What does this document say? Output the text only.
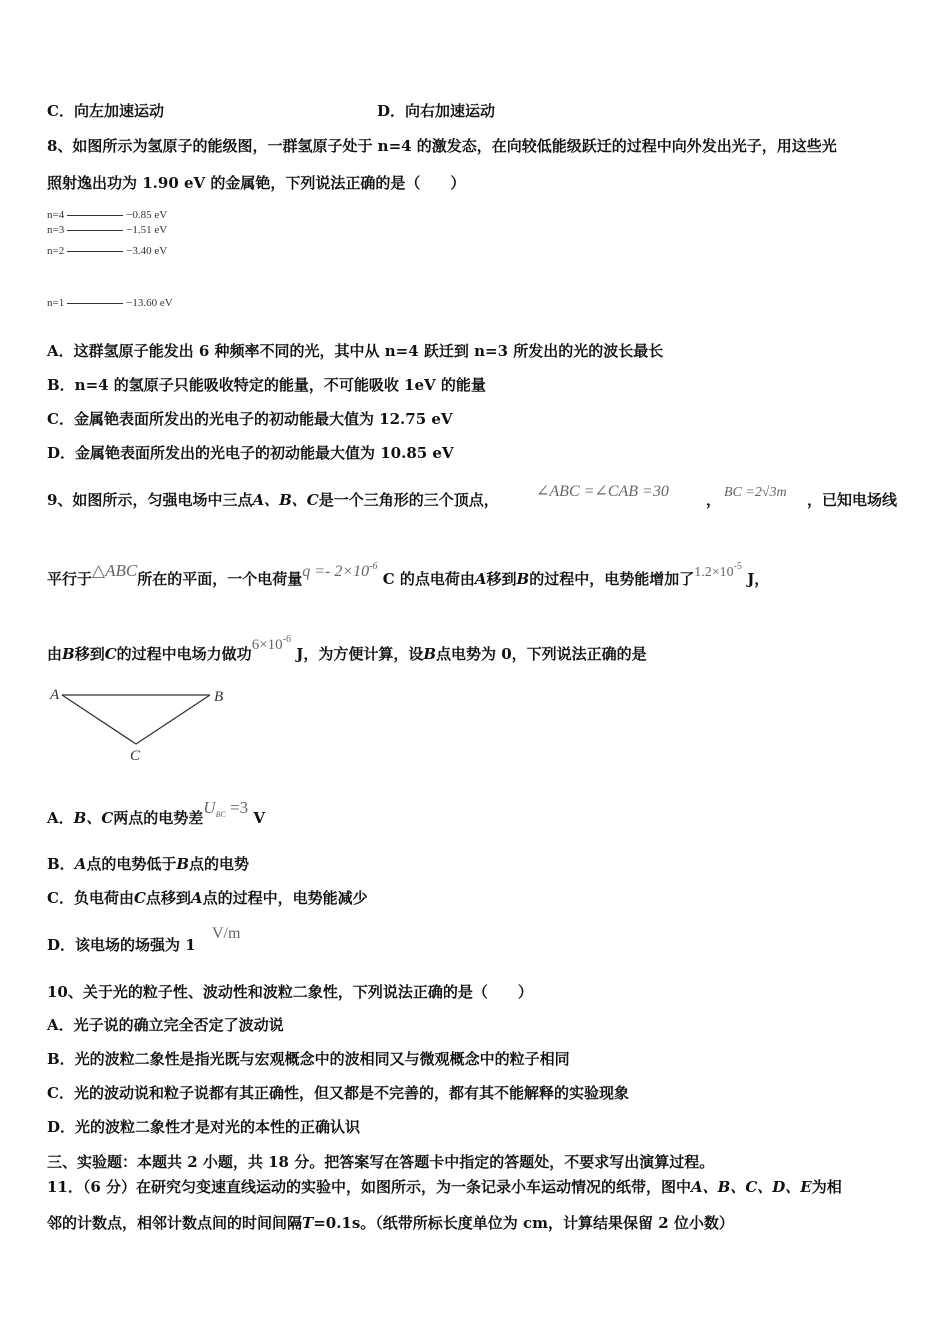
C．向左加速运动	D．向右加速运动
8、如图所示为氢原子的能级图，一群氢原子处于 n=4 的激发态，在向较低能级跃迁的过程中向外发出光子，用这些光
照射逸出功为 1.90 eV 的金属铯，下列说法正确的是（　　）
n=4	−0.85 eV
n=3	−1.51 eV
n=2	−3.40 eV
n=1	−13.60 eV
A．这群氢原子能发出 6 种频率不同的光，其中从 n=4 跃迁到 n=3 所发出的光的波长最长
B．n=4 的氢原子只能吸收特定的能量，不可能吸收 1eV 的能量
C．金属铯表面所发出的光电子的初动能最大值为 12.75 eV
D．金属铯表面所发出的光电子的初动能最大值为 10.85 eV
9、如图所示，匀强电场中三点A、B、C是一个三角形的三个顶点， ∠ABC =∠CAB =30 ， BC =2√3m ，已知电场线
平行于△ABC所在的平面，一个电荷量$q =- 2\times 10^{-6}$ C 的点电荷由A移到B的过程中，电势能增加了$1.2\times 10^{-5}$ J，
由B移到C的过程中电场力做功$6\times 10^{-6}$ J，为方便计算，设B点电势为 0，下列说法正确的是
A	B
C
A．B、C两点的电势差$U_{BC} =3$ V
B．A点的电势低于B点的电势
C．负电荷由C点移到A点的过程中，电势能减少
D．该电场的场强为 1
V/m
10、关于光的粒子性、波动性和波粒二象性，下列说法正确的是（　　）
A．光子说的确立完全否定了波动说
B．光的波粒二象性是指光既与宏观概念中的波相同又与微观概念中的粒子相同
C．光的波动说和粒子说都有其正确性，但又都是不完善的，都有其不能解释的实验现象
D．光的波粒二象性才是对光的本性的正确认识
三、实验题：本题共 2 小题，共 18 分。把答案写在答题卡中指定的答题处，不要求写出演算过程。
11．（6 分）在研究匀变速直线运动的实验中，如图所示，为一条记录小车运动情况的纸带，图中A、B、C、D、E为相
邻的计数点，相邻计数点间的时间间隔T=0.1s。（纸带所标长度单位为 cm，计算结果保留 2 位小数）
